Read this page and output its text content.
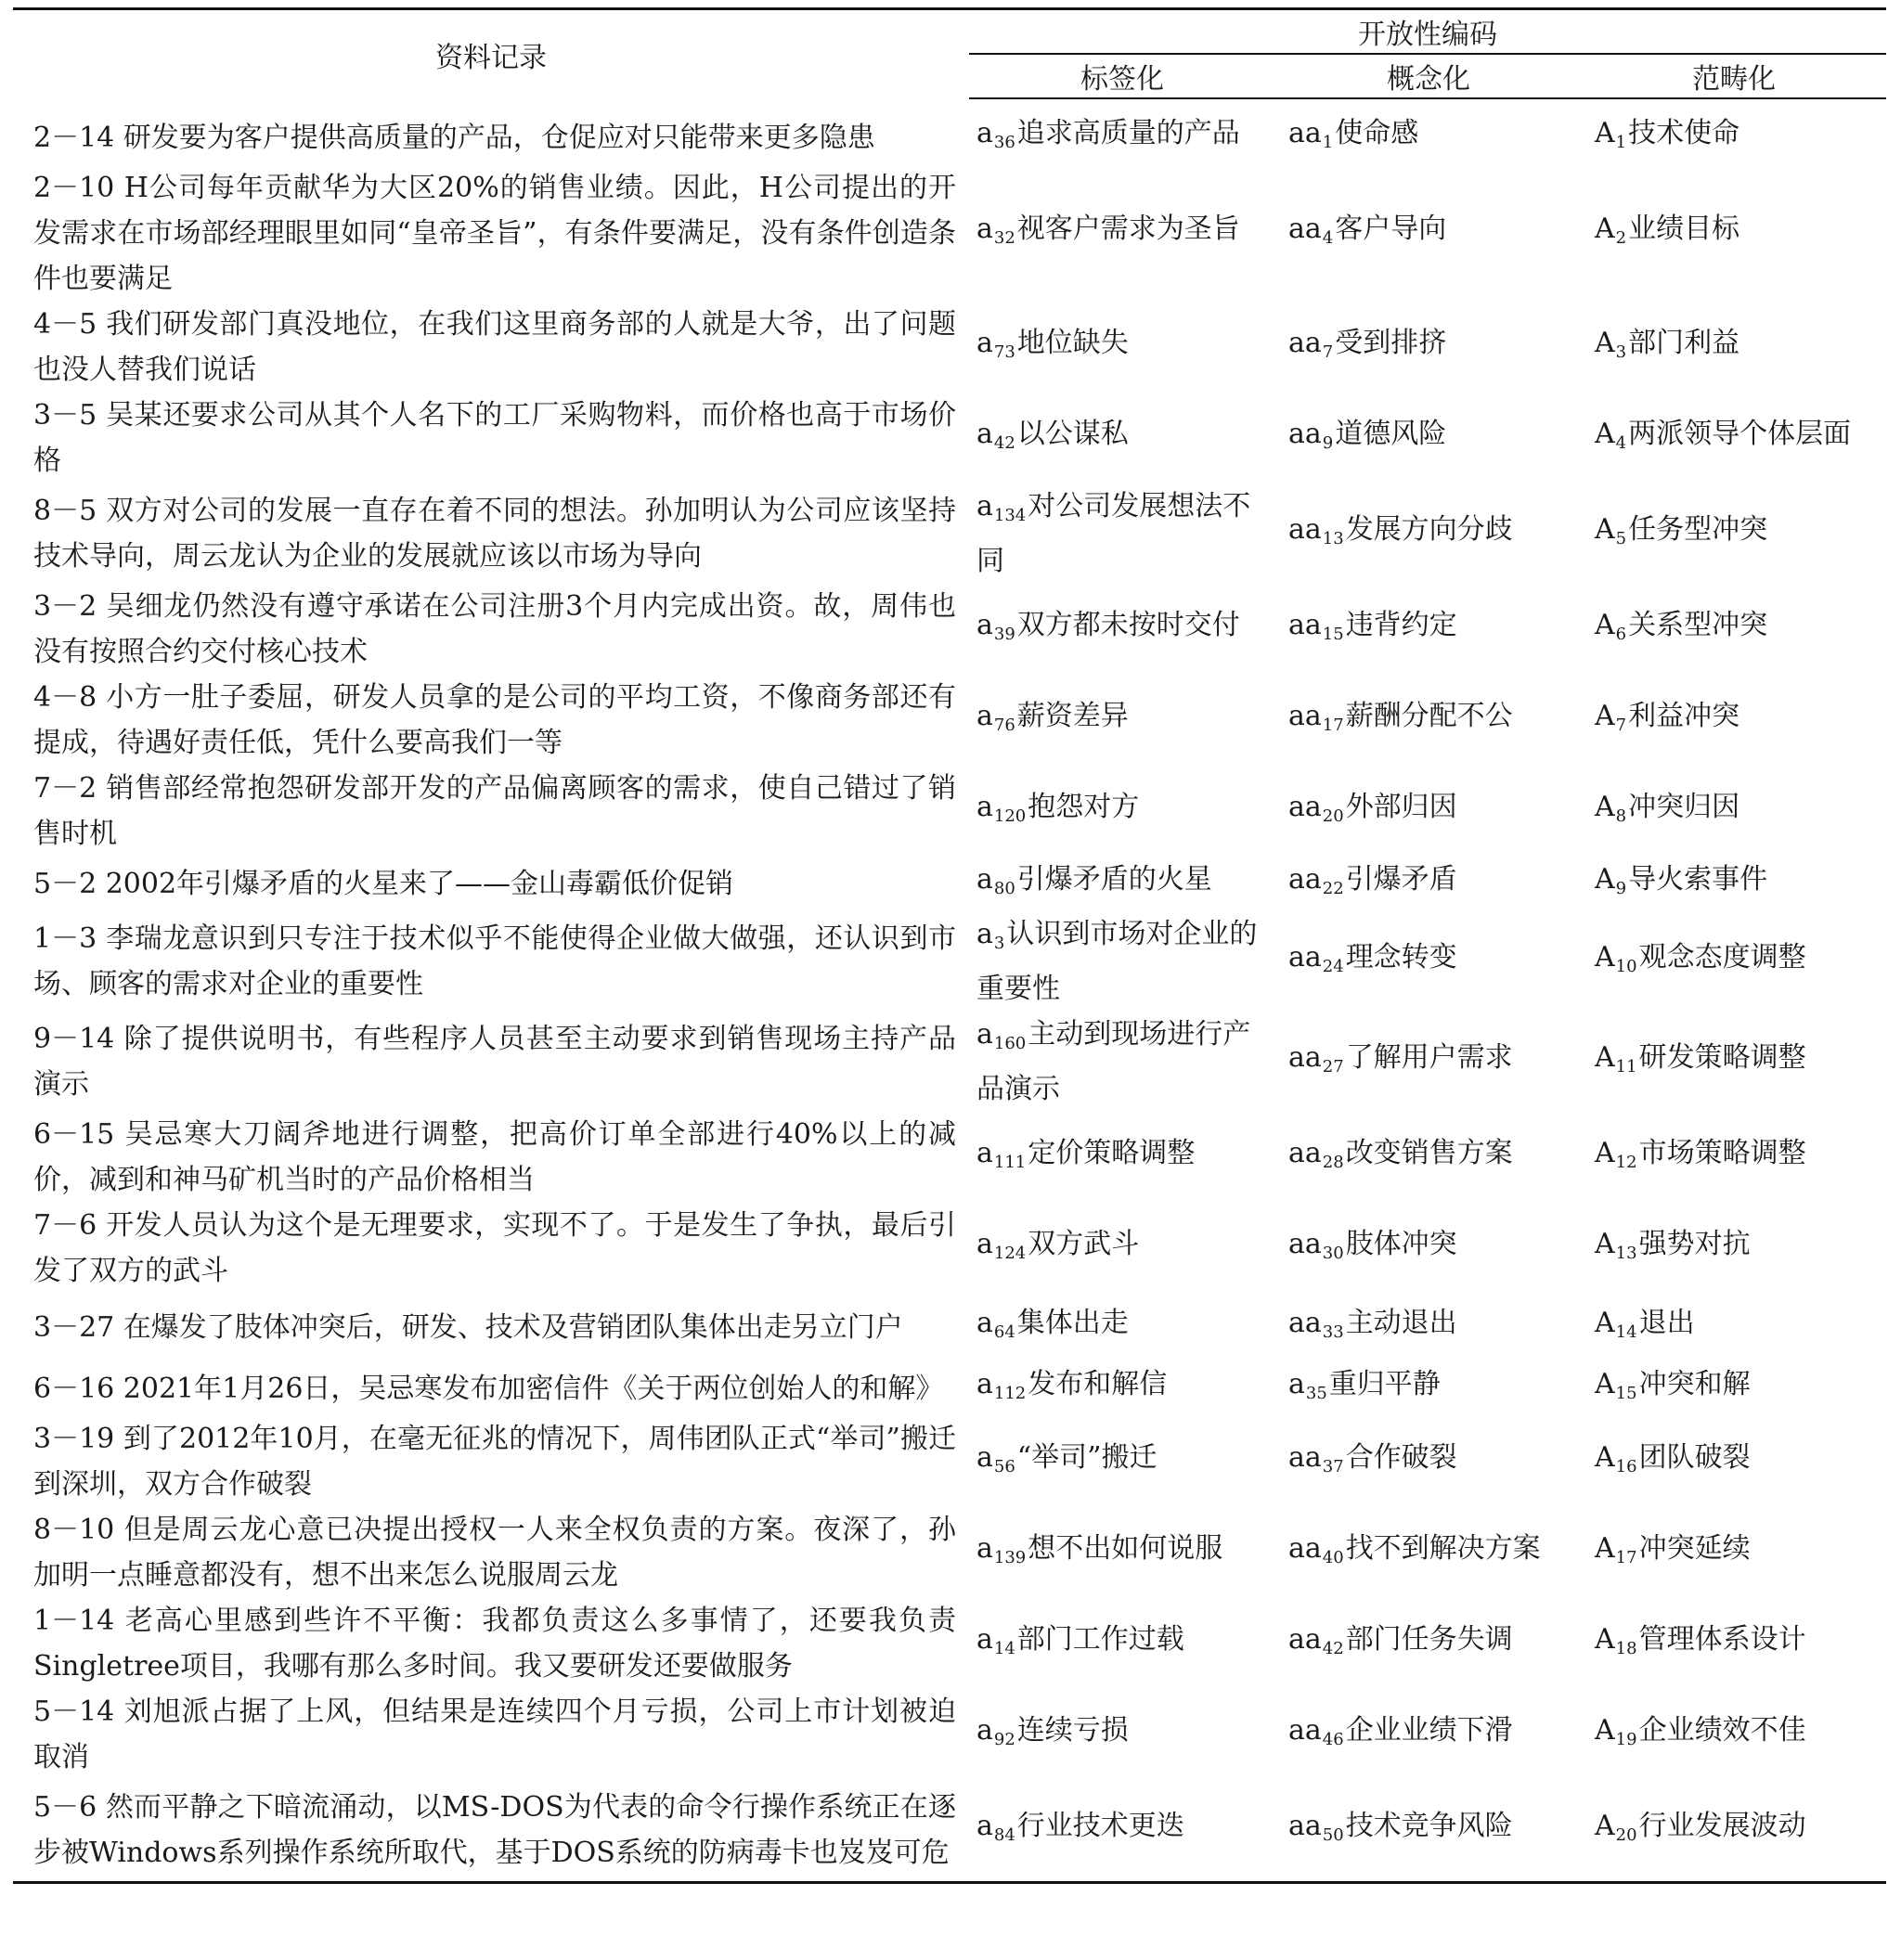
资料记录	开放性编码		
	标签化	概念化	范畴化
2－14 研发要为客户提供高质量的产品，仓促应对只能带来更多隐患	$a_{36}$追求高质量的产品	$aa_1$使命感	$A_1$技术使命
2－10 H公司每年贡献华为大区20%的销售业绩。因此，H公司提出的开发需求在市场部经理眼里如同“皇帝圣旨”，有条件要满足，没有条件创造条件也要满足	$a_{32}$视客户需求为圣旨	$aa_4$客户导向	$A_2$业绩目标
4－5 我们研发部门真没地位，在我们这里商务部的人就是大爷，出了问题也没人替我们说话	$a_{73}$地位缺失	$aa_7$受到排挤	$A_3$部门利益
3－5 吴某还要求公司从其个人名下的工厂采购物料，而价格也高于市场价格	$a_{42}$以公谋私	$aa_9$道德风险	$A_4$两派领导个体层面
8－5 双方对公司的发展一直存在着不同的想法。孙加明认为公司应该坚持技术导向，周云龙认为企业的发展就应该以市场为导向	$a_{134}$对公司发展想法不同	$aa_{13}$发展方向分歧	$A_5$任务型冲突
3－2 吴细龙仍然没有遵守承诺在公司注册3个月内完成出资。故，周伟也没有按照合约交付核心技术	$a_{39}$双方都未按时交付	$aa_{15}$违背约定	$A_6$关系型冲突
4－8 小方一肚子委屈，研发人员拿的是公司的平均工资，不像商务部还有提成，待遇好责任低，凭什么要高我们一等	$a_{76}$薪资差异	$aa_{17}$薪酬分配不公	$A_7$利益冲突
7－2 销售部经常抱怨研发部开发的产品偏离顾客的需求，使自己错过了销售时机	$a_{120}$抱怨对方	$aa_{20}$外部归因	$A_8$冲突归因
5－2 2002年引爆矛盾的火星来了——金山毒霸低价促销	$a_{80}$引爆矛盾的火星	$aa_{22}$引爆矛盾	$A_9$导火索事件
1－3 李瑞龙意识到只专注于技术似乎不能使得企业做大做强，还认识到市场、顾客的需求对企业的重要性	$a_3$认识到市场对企业的重要性	$aa_{24}$理念转变	$A_{10}$观念态度调整
9－14 除了提供说明书，有些程序人员甚至主动要求到销售现场主持产品演示	$a_{160}$主动到现场进行产品演示	$aa_{27}$了解用户需求	$A_{11}$研发策略调整
6－15 吴忌寒大刀阔斧地进行调整，把高价订单全部进行40%以上的减价，减到和神马矿机当时的产品价格相当	$a_{111}$定价策略调整	$aa_{28}$改变销售方案	$A_{12}$市场策略调整
7－6 开发人员认为这个是无理要求，实现不了。于是发生了争执，最后引发了双方的武斗	$a_{124}$双方武斗	$aa_{30}$肢体冲突	$A_{13}$强势对抗
3－27 在爆发了肢体冲突后，研发、技术及营销团队集体出走另立门户	$a_{64}$集体出走	$aa_{33}$主动退出	$A_{14}$退出
6－16 2021年1月26日，吴忌寒发布加密信件《关于两位创始人的和解》	$a_{112}$发布和解信	$a_{35}$重归平静	$A_{15}$冲突和解
3－19 到了2012年10月，在毫无征兆的情况下，周伟团队正式“举司”搬迁到深圳，双方合作破裂	$a_{56}“$举司”搬迁	$aa_{37}$合作破裂	$A_{16}$团队破裂
8－10 但是周云龙心意已决提出授权一人来全权负责的方案。夜深了，孙加明一点睡意都没有，想不出来怎么说服周云龙	$a_{139}$想不出如何说服	$aa_{40}$找不到解决方案	$A_{17}$冲突延续
1－14 老高心里感到些许不平衡：我都负责这么多事情了，还要我负责Singletree项目，我哪有那么多时间。我又要研发还要做服务	$a_{14}$部门工作过载	$aa_{42}$部门任务失调	$A_{18}$管理体系设计
5－14 刘旭派占据了上风，但结果是连续四个月亏损，公司上市计划被迫取消	$a_{92}$连续亏损	$aa_{46}$企业业绩下滑	$A_{19}$企业绩效不佳
5－6 然而平静之下暗流涌动，以MS-DOS为代表的命令行操作系统正在逐步被Windows系列操作系统所取代，基于DOS系统的防病毒卡也岌岌可危	$a_{84}$行业技术更迭	$aa_{50}$技术竞争风险	$A_{20}$行业发展波动
